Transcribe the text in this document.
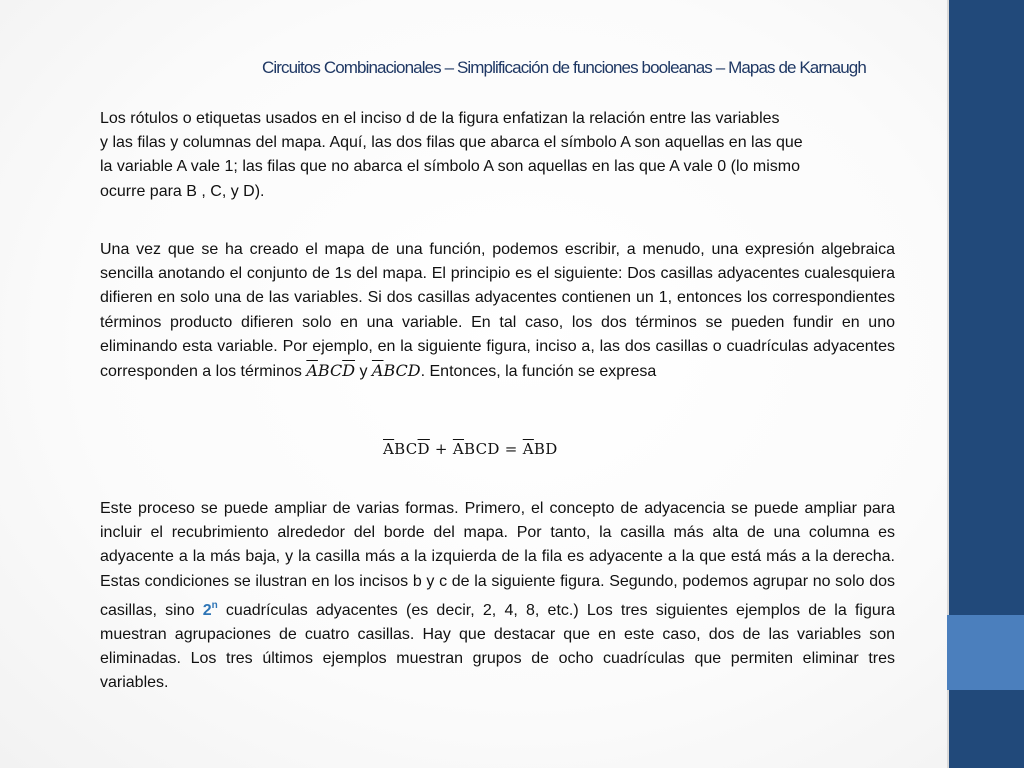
Circuitos Combinacionales – Simplificación de funciones booleanas – Mapas de Karnaugh

Los rótulos o etiquetas usados en el inciso d de la figura enfatizan la relación entre las variables
y las filas y columnas del mapa. Aquí, las dos filas que abarca el símbolo A son aquellas en las que
la variable A vale 1; las filas que no abarca el símbolo A son aquellas en las que A vale 0 (lo mismo
ocurre para B , C, y D).

Una vez que se ha creado el mapa de una función, podemos escribir, a menudo, una expresión algebraica sencilla anotando el conjunto de 1s del mapa. El principio es el siguiente: Dos casillas adyacentes cualesquiera difieren en solo una de las variables. Si dos casillas adyacentes contienen un 1, entonces los correspondientes términos producto difieren solo en una variable. En tal caso, los dos términos se pueden fundir en uno eliminando esta variable. Por ejemplo, en la siguiente figura, inciso a, las dos casillas o cuadrículas adyacentes corresponden a los términos $\overline{A}BC\overline{D}$ y $\overline{A}BCD$. Entonces, la función se expresa

$\overline{A}BC\overline{D} + \overline{A}BCD = \overline{A}BD$

Este proceso se puede ampliar de varias formas. Primero, el concepto de adyacencia se puede ampliar para incluir el recubrimiento alrededor del borde del mapa. Por tanto, la casilla más alta de una columna es adyacente a la más baja, y la casilla más a la izquierda de la fila es adyacente a la que está más a la derecha. Estas condiciones se ilustran en los incisos b y c de la siguiente figura. Segundo, podemos agrupar no solo dos casillas, sino 2$^n$ cuadrículas adyacentes (es decir, 2, 4, 8, etc.) Los tres siguientes ejemplos de la figura muestran agrupaciones de cuatro casillas. Hay que destacar que en este caso, dos de las variables son eliminadas. Los tres últimos ejemplos muestran grupos de ocho cuadrículas que permiten eliminar tres variables.
